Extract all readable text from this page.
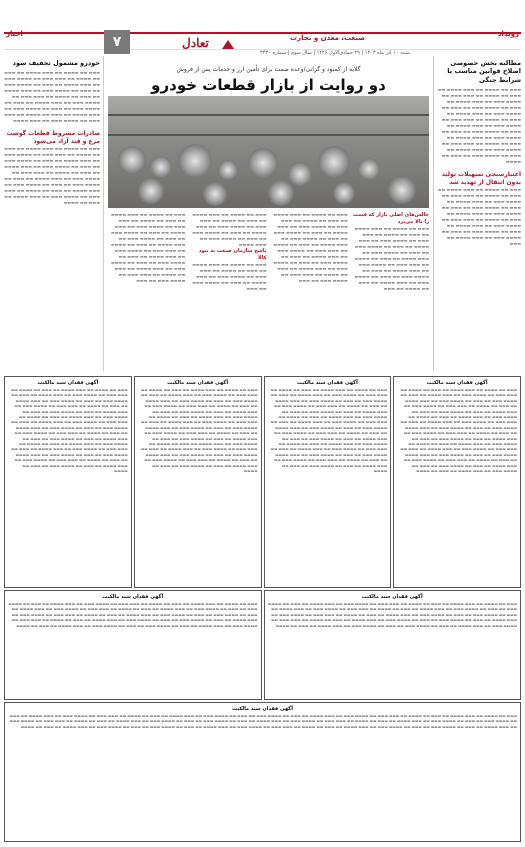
رویداد
اخبار	۷	تعادل	صنعت، معدن و تجارت
شنبه ۱۰ آذر ماه ۱۴۰۳ | ۲۹ جمادی‌الاول ۱۴۴۶ | سال سوم | شماره ۳۴۳۰
مطالبه بخش خصوصی اصلاح قوانین مناسب با شرایط جنگی
▬▬▬ ▬▬ ▬▬▬▬ ▬▬ ▬▬▬ ▬▬▬▬ ▬▬ ▬▬▬ ▬▬ ▬▬▬▬ ▬▬ ▬▬▬ ▬▬▬ ▬▬ ▬▬▬▬ ▬▬▬ ▬▬ ▬▬▬ ▬▬▬▬ ▬▬ ▬▬▬ ▬▬ ▬▬▬▬ ▬▬▬ ▬▬ ▬▬▬ ▬▬ ▬▬▬▬ ▬▬▬ ▬▬ ▬▬▬ ▬▬▬▬ ▬▬ ▬▬▬ ▬▬ ▬▬▬▬ ▬▬ ▬▬▬ ▬▬▬ ▬▬ ▬▬▬▬ ▬▬▬ ▬▬ ▬▬▬ ▬▬▬▬ ▬▬ ▬▬▬ ▬▬ ▬▬▬▬ ▬▬▬ ▬▬ ▬▬▬ ▬▬ ▬▬▬▬ ▬▬▬ ▬▬ ▬▬▬ ▬▬▬▬ ▬▬ ▬▬▬ ▬▬ ▬▬▬▬ ▬▬ ▬▬▬ ▬▬▬ ▬▬ ▬▬▬▬ ▬▬▬ ▬▬ ▬▬▬ ▬▬▬▬ ▬▬ ▬▬▬ ▬▬ ▬▬▬▬ ▬▬▬ ▬▬ ▬▬▬ ▬▬ ▬▬▬▬
اعتبارسنجی تسهیلات تولید بدون انتقال از تهدید شد
▬▬▬ ▬▬ ▬▬▬▬ ▬▬ ▬▬▬ ▬▬▬▬ ▬▬ ▬▬▬ ▬▬ ▬▬▬▬ ▬▬ ▬▬▬ ▬▬▬ ▬▬ ▬▬▬▬ ▬▬▬ ▬▬ ▬▬▬ ▬▬▬▬ ▬▬ ▬▬▬ ▬▬ ▬▬▬▬ ▬▬▬ ▬▬ ▬▬▬ ▬▬ ▬▬▬▬ ▬▬▬ ▬▬ ▬▬▬ ▬▬▬▬ ▬▬ ▬▬▬ ▬▬ ▬▬▬▬ ▬▬ ▬▬▬ ▬▬▬ ▬▬ ▬▬▬▬ ▬▬▬ ▬▬ ▬▬▬ ▬▬▬▬ ▬▬ ▬▬▬ ▬▬ ▬▬▬▬ ▬▬▬ ▬▬ ▬▬▬ ▬▬ ▬▬▬▬ ▬▬▬ ▬▬ ▬▬▬ ▬▬▬▬ ▬▬ ▬▬▬
خودرو مشمول تخفیف سود
▬▬▬ ▬▬ ▬▬▬▬ ▬▬ ▬▬▬ ▬▬▬▬ ▬▬ ▬▬▬ ▬▬ ▬▬▬▬ ▬▬ ▬▬▬ ▬▬▬ ▬▬ ▬▬▬▬ ▬▬▬ ▬▬ ▬▬▬ ▬▬▬▬ ▬▬ ▬▬▬ ▬▬ ▬▬▬▬ ▬▬▬ ▬▬ ▬▬▬ ▬▬ ▬▬▬▬ ▬▬▬ ▬▬ ▬▬▬ ▬▬▬▬ ▬▬ ▬▬▬ ▬▬ ▬▬▬▬ ▬▬ ▬▬▬ ▬▬▬ ▬▬ ▬▬▬▬ ▬▬▬ ▬▬ ▬▬▬ ▬▬▬▬ ▬▬ ▬▬▬ ▬▬ ▬▬▬▬ ▬▬▬ ▬▬ ▬▬▬ ▬▬ ▬▬▬▬ ▬▬▬ ▬▬ ▬▬▬ ▬▬▬▬ ▬▬ ▬▬▬ ▬▬ ▬▬▬▬ ▬▬ ▬▬▬ ▬▬▬ ▬▬ ▬▬▬▬ ▬▬▬ ▬▬ ▬▬▬ ▬▬▬▬
صادرات مشروط قطعات گوشت مرغ و قند آزاد می‌شود
▬▬▬ ▬▬ ▬▬▬▬ ▬▬ ▬▬▬ ▬▬▬▬ ▬▬ ▬▬▬ ▬▬ ▬▬▬▬ ▬▬ ▬▬▬ ▬▬▬ ▬▬ ▬▬▬▬ ▬▬▬ ▬▬ ▬▬▬ ▬▬▬▬ ▬▬ ▬▬▬ ▬▬ ▬▬▬▬ ▬▬▬ ▬▬ ▬▬▬ ▬▬ ▬▬▬▬ ▬▬▬ ▬▬ ▬▬▬ ▬▬▬▬ ▬▬ ▬▬▬ ▬▬ ▬▬▬▬ ▬▬ ▬▬▬ ▬▬▬ ▬▬ ▬▬▬▬ ▬▬▬ ▬▬ ▬▬▬ ▬▬▬▬ ▬▬ ▬▬▬ ▬▬ ▬▬▬▬ ▬▬▬ ▬▬ ▬▬▬ ▬▬ ▬▬▬▬ ▬▬▬ ▬▬ ▬▬▬ ▬▬▬▬ ▬▬ ▬▬▬ ▬▬ ▬▬▬▬ ▬▬ ▬▬▬ ▬▬▬ ▬▬ ▬▬▬▬ ▬▬▬ ▬▬ ▬▬▬ ▬▬▬▬ ▬▬ ▬▬▬ ▬▬ ▬▬▬▬
گلایه از کمبود و گرانی/وعده صمت برای تأمین ارز و خدمات پس از فروش
دو روایت از بازار قطعات خودرو
چالش‌های اصلی بازار که قیمت را بالا می‌برد
▬▬▬ ▬▬ ▬▬▬▬ ▬▬ ▬▬▬ ▬▬▬▬ ▬▬ ▬▬▬ ▬▬ ▬▬▬▬ ▬▬ ▬▬▬ ▬▬▬ ▬▬ ▬▬▬▬ ▬▬▬ ▬▬ ▬▬▬ ▬▬▬▬ ▬▬ ▬▬▬ ▬▬ ▬▬▬▬ ▬▬▬ ▬▬ ▬▬▬ ▬▬ ▬▬▬▬ ▬▬▬ ▬▬ ▬▬▬ ▬▬▬▬ ▬▬ ▬▬▬ ▬▬ ▬▬▬▬ ▬▬ ▬▬▬ ▬▬▬ ▬▬ ▬▬▬▬ ▬▬▬ ▬▬ ▬▬▬ ▬▬▬▬ ▬▬ ▬▬▬ ▬▬ ▬▬▬▬ ▬▬▬ ▬▬ ▬▬▬ ▬▬ ▬▬▬▬ ▬▬▬ ▬▬ ▬▬▬ ▬▬▬▬ ▬▬ ▬▬▬ ▬▬ ▬▬▬▬ ▬▬ ▬▬▬
▬▬▬ ▬▬ ▬▬▬▬ ▬▬ ▬▬▬ ▬▬▬▬ ▬▬ ▬▬▬ ▬▬ ▬▬▬▬ ▬▬ ▬▬▬ ▬▬▬ ▬▬ ▬▬▬▬ ▬▬▬ ▬▬ ▬▬▬ ▬▬▬▬ ▬▬ ▬▬▬ ▬▬ ▬▬▬▬ ▬▬▬ ▬▬ ▬▬▬ ▬▬ ▬▬▬▬ ▬▬▬ ▬▬ ▬▬▬ ▬▬▬▬ ▬▬ ▬▬▬ ▬▬ ▬▬▬▬ ▬▬ ▬▬▬ ▬▬▬ ▬▬ ▬▬▬▬ ▬▬▬ ▬▬ ▬▬▬ ▬▬▬▬ ▬▬ ▬▬▬ ▬▬ ▬▬▬▬ ▬▬▬ ▬▬ ▬▬▬ ▬▬ ▬▬▬▬ ▬▬▬ ▬▬ ▬▬▬ ▬▬▬▬ ▬▬ ▬▬▬ ▬▬ ▬▬▬▬ ▬▬ ▬▬▬ ▬▬▬ ▬▬ ▬▬▬▬ ▬▬▬ ▬▬ ▬▬▬
▬▬▬ ▬▬ ▬▬▬▬ ▬▬ ▬▬▬ ▬▬▬▬ ▬▬ ▬▬▬ ▬▬ ▬▬▬▬ ▬▬ ▬▬▬ ▬▬▬ ▬▬ ▬▬▬▬ ▬▬▬ ▬▬ ▬▬▬ ▬▬▬▬ ▬▬ ▬▬▬ ▬▬ ▬▬▬▬ ▬▬▬ ▬▬ ▬▬▬ ▬▬ ▬▬▬▬ ▬▬▬ ▬▬ ▬▬▬ ▬▬▬▬
پاسخ سازمان صنعت به نبود کالا
▬▬▬ ▬▬ ▬▬▬▬ ▬▬ ▬▬▬ ▬▬▬▬ ▬▬ ▬▬▬ ▬▬ ▬▬▬▬ ▬▬ ▬▬▬ ▬▬▬ ▬▬ ▬▬▬▬ ▬▬▬ ▬▬ ▬▬▬ ▬▬▬▬ ▬▬ ▬▬▬ ▬▬ ▬▬▬▬ ▬▬▬ ▬▬ ▬▬▬
▬▬▬ ▬▬ ▬▬▬▬ ▬▬ ▬▬▬ ▬▬▬▬ ▬▬ ▬▬▬ ▬▬ ▬▬▬▬ ▬▬ ▬▬▬ ▬▬▬ ▬▬ ▬▬▬▬ ▬▬▬ ▬▬ ▬▬▬ ▬▬▬▬ ▬▬ ▬▬▬ ▬▬ ▬▬▬▬ ▬▬▬ ▬▬ ▬▬▬ ▬▬ ▬▬▬▬ ▬▬▬ ▬▬ ▬▬▬ ▬▬▬▬ ▬▬ ▬▬▬ ▬▬ ▬▬▬▬ ▬▬ ▬▬▬ ▬▬▬ ▬▬ ▬▬▬▬ ▬▬▬ ▬▬ ▬▬▬ ▬▬▬▬ ▬▬ ▬▬▬ ▬▬ ▬▬▬▬ ▬▬▬ ▬▬ ▬▬▬ ▬▬ ▬▬▬▬ ▬▬▬ ▬▬ ▬▬▬ ▬▬▬▬ ▬▬ ▬▬▬ ▬▬ ▬▬▬▬ ▬▬ ▬▬▬ ▬▬▬ ▬▬ ▬▬▬▬ ▬▬▬ ▬▬ ▬▬▬
آگهی فقدان سند مالکیت
▬▬▬ ▬▬ ▬▬▬▬ ▬▬ ▬▬▬ ▬▬▬▬ ▬▬ ▬▬▬ ▬▬ ▬▬▬▬ ▬▬ ▬▬▬ ▬▬▬ ▬▬ ▬▬▬▬ ▬▬▬ ▬▬ ▬▬▬ ▬▬▬▬ ▬▬ ▬▬▬ ▬▬ ▬▬▬▬ ▬▬▬ ▬▬ ▬▬▬ ▬▬ ▬▬▬▬ ▬▬▬ ▬▬ ▬▬▬ ▬▬▬▬ ▬▬ ▬▬▬ ▬▬ ▬▬▬▬ ▬▬ ▬▬▬ ▬▬▬ ▬▬ ▬▬▬▬ ▬▬▬ ▬▬ ▬▬▬ ▬▬▬▬ ▬▬ ▬▬▬ ▬▬ ▬▬▬▬ ▬▬▬ ▬▬ ▬▬▬ ▬▬ ▬▬▬▬ ▬▬▬ ▬▬ ▬▬▬ ▬▬▬▬ ▬▬ ▬▬▬ ▬▬ ▬▬▬▬ ▬▬ ▬▬▬ ▬▬▬ ▬▬ ▬▬▬▬ ▬▬▬ ▬▬ ▬▬▬ ▬▬▬▬ ▬▬ ▬▬▬ ▬▬ ▬▬▬▬ ▬▬▬ ▬▬ ▬▬▬ ▬▬ ▬▬▬▬ ▬▬▬ ▬▬ ▬▬▬ ▬▬▬▬ ▬▬ ▬▬▬ ▬▬ ▬▬▬▬ ▬▬ ▬▬▬ ▬▬▬ ▬▬ ▬▬▬▬ ▬▬▬ ▬▬ ▬▬▬ ▬▬▬▬ ▬▬ ▬▬▬ ▬▬ ▬▬▬▬ ▬▬▬ ▬▬ ▬▬▬ ▬▬ ▬▬▬▬ ▬▬▬ ▬▬ ▬▬▬ ▬▬▬▬ ▬▬ ▬▬▬ ▬▬ ▬▬▬▬ ▬▬ ▬▬▬ ▬▬▬ ▬▬ ▬▬▬▬ ▬▬▬ ▬▬ ▬▬▬ ▬▬▬▬ ▬▬ ▬▬▬ ▬▬ ▬▬▬▬ ▬▬▬ ▬▬ ▬▬▬ ▬▬ ▬▬▬▬ ▬▬▬ ▬▬ ▬▬▬ ▬▬▬▬ ▬▬ ▬▬▬ ▬▬ ▬▬▬▬ ▬▬ ▬▬▬ ▬▬▬ ▬▬ ▬▬▬▬ ▬▬▬ ▬▬ ▬▬▬ ▬▬▬▬ ▬▬ ▬▬▬ ▬▬ ▬▬▬▬ ▬▬▬ ▬▬ ▬▬▬ ▬▬ ▬▬▬▬ ▬▬▬ ▬▬ ▬▬▬ ▬▬▬▬ ▬▬ ▬▬▬ ▬▬ ▬▬▬▬
آگهی فقدان سند مالکیت
▬▬▬ ▬▬ ▬▬▬▬ ▬▬ ▬▬▬ ▬▬▬▬ ▬▬ ▬▬▬ ▬▬ ▬▬▬▬ ▬▬ ▬▬▬ ▬▬▬ ▬▬ ▬▬▬▬ ▬▬▬ ▬▬ ▬▬▬ ▬▬▬▬ ▬▬ ▬▬▬ ▬▬ ▬▬▬▬ ▬▬▬ ▬▬ ▬▬▬ ▬▬ ▬▬▬▬ ▬▬▬ ▬▬ ▬▬▬ ▬▬▬▬ ▬▬ ▬▬▬ ▬▬ ▬▬▬▬ ▬▬ ▬▬▬ ▬▬▬ ▬▬ ▬▬▬▬ ▬▬▬ ▬▬ ▬▬▬ ▬▬▬▬ ▬▬ ▬▬▬ ▬▬ ▬▬▬▬ ▬▬▬ ▬▬ ▬▬▬ ▬▬ ▬▬▬▬ ▬▬▬ ▬▬ ▬▬▬ ▬▬▬▬ ▬▬ ▬▬▬ ▬▬ ▬▬▬▬ ▬▬ ▬▬▬ ▬▬▬ ▬▬ ▬▬▬▬ ▬▬▬ ▬▬ ▬▬▬ ▬▬▬▬ ▬▬ ▬▬▬ ▬▬ ▬▬▬▬ ▬▬▬ ▬▬ ▬▬▬ ▬▬ ▬▬▬▬ ▬▬▬ ▬▬ ▬▬▬ ▬▬▬▬ ▬▬ ▬▬▬ ▬▬ ▬▬▬▬ ▬▬ ▬▬▬ ▬▬▬ ▬▬ ▬▬▬▬ ▬▬▬ ▬▬ ▬▬▬ ▬▬▬▬ ▬▬ ▬▬▬ ▬▬ ▬▬▬▬ ▬▬▬ ▬▬ ▬▬▬ ▬▬ ▬▬▬▬ ▬▬▬ ▬▬ ▬▬▬ ▬▬▬▬ ▬▬ ▬▬▬ ▬▬ ▬▬▬▬ ▬▬ ▬▬▬ ▬▬▬ ▬▬ ▬▬▬▬ ▬▬▬ ▬▬ ▬▬▬ ▬▬▬▬ ▬▬ ▬▬▬ ▬▬ ▬▬▬▬ ▬▬▬ ▬▬ ▬▬▬ ▬▬ ▬▬▬▬ ▬▬▬ ▬▬ ▬▬▬ ▬▬▬▬ ▬▬ ▬▬▬ ▬▬ ▬▬▬▬ ▬▬ ▬▬▬ ▬▬▬ ▬▬ ▬▬▬▬ ▬▬▬ ▬▬ ▬▬▬ ▬▬▬▬ ▬▬ ▬▬▬ ▬▬ ▬▬▬▬ ▬▬▬ ▬▬ ▬▬▬ ▬▬ ▬▬▬▬
آگهی فقدان سند مالکیت
▬▬▬ ▬▬ ▬▬▬▬ ▬▬ ▬▬▬ ▬▬▬▬ ▬▬ ▬▬▬ ▬▬ ▬▬▬▬ ▬▬ ▬▬▬ ▬▬▬ ▬▬ ▬▬▬▬ ▬▬▬ ▬▬ ▬▬▬ ▬▬▬▬ ▬▬ ▬▬▬ ▬▬ ▬▬▬▬ ▬▬▬ ▬▬ ▬▬▬ ▬▬ ▬▬▬▬ ▬▬▬ ▬▬ ▬▬▬ ▬▬▬▬ ▬▬ ▬▬▬ ▬▬ ▬▬▬▬ ▬▬ ▬▬▬ ▬▬▬ ▬▬ ▬▬▬▬ ▬▬▬ ▬▬ ▬▬▬ ▬▬▬▬ ▬▬ ▬▬▬ ▬▬ ▬▬▬▬ ▬▬▬ ▬▬ ▬▬▬ ▬▬ ▬▬▬▬ ▬▬▬ ▬▬ ▬▬▬ ▬▬▬▬ ▬▬ ▬▬▬ ▬▬ ▬▬▬▬ ▬▬ ▬▬▬ ▬▬▬ ▬▬ ▬▬▬▬ ▬▬▬ ▬▬ ▬▬▬ ▬▬▬▬ ▬▬ ▬▬▬ ▬▬ ▬▬▬▬ ▬▬▬ ▬▬ ▬▬▬ ▬▬ ▬▬▬▬ ▬▬▬ ▬▬ ▬▬▬ ▬▬▬▬ ▬▬ ▬▬▬ ▬▬ ▬▬▬▬ ▬▬ ▬▬▬ ▬▬▬ ▬▬ ▬▬▬▬ ▬▬▬ ▬▬ ▬▬▬ ▬▬▬▬ ▬▬ ▬▬▬ ▬▬ ▬▬▬▬ ▬▬▬ ▬▬ ▬▬▬ ▬▬ ▬▬▬▬ ▬▬▬ ▬▬ ▬▬▬ ▬▬▬▬ ▬▬ ▬▬▬ ▬▬ ▬▬▬▬ ▬▬ ▬▬▬ ▬▬▬ ▬▬ ▬▬▬▬ ▬▬▬ ▬▬ ▬▬▬ ▬▬▬▬ ▬▬ ▬▬▬ ▬▬ ▬▬▬▬ ▬▬▬ ▬▬ ▬▬▬ ▬▬ ▬▬▬▬ ▬▬▬ ▬▬ ▬▬▬ ▬▬▬▬ ▬▬ ▬▬▬ ▬▬ ▬▬▬▬ ▬▬ ▬▬▬ ▬▬▬ ▬▬ ▬▬▬▬ ▬▬▬ ▬▬ ▬▬▬ ▬▬▬▬ ▬▬ ▬▬▬ ▬▬ ▬▬▬▬ ▬▬▬ ▬▬ ▬▬▬ ▬▬ ▬▬▬▬
آگهی فقدان سند مالکیت
▬▬▬ ▬▬ ▬▬▬▬ ▬▬ ▬▬▬ ▬▬▬▬ ▬▬ ▬▬▬ ▬▬ ▬▬▬▬ ▬▬ ▬▬▬ ▬▬▬ ▬▬ ▬▬▬▬ ▬▬▬ ▬▬ ▬▬▬ ▬▬▬▬ ▬▬ ▬▬▬ ▬▬ ▬▬▬▬ ▬▬▬ ▬▬ ▬▬▬ ▬▬ ▬▬▬▬ ▬▬▬ ▬▬ ▬▬▬ ▬▬▬▬ ▬▬ ▬▬▬ ▬▬ ▬▬▬▬ ▬▬ ▬▬▬ ▬▬▬ ▬▬ ▬▬▬▬ ▬▬▬ ▬▬ ▬▬▬ ▬▬▬▬ ▬▬ ▬▬▬ ▬▬ ▬▬▬▬ ▬▬▬ ▬▬ ▬▬▬ ▬▬ ▬▬▬▬ ▬▬▬ ▬▬ ▬▬▬ ▬▬▬▬ ▬▬ ▬▬▬ ▬▬ ▬▬▬▬ ▬▬ ▬▬▬ ▬▬▬ ▬▬ ▬▬▬▬ ▬▬▬ ▬▬ ▬▬▬ ▬▬▬▬ ▬▬ ▬▬▬ ▬▬ ▬▬▬▬ ▬▬▬ ▬▬ ▬▬▬ ▬▬ ▬▬▬▬ ▬▬▬ ▬▬ ▬▬▬ ▬▬▬▬ ▬▬ ▬▬▬ ▬▬ ▬▬▬▬ ▬▬ ▬▬▬ ▬▬▬ ▬▬ ▬▬▬▬ ▬▬▬ ▬▬ ▬▬▬ ▬▬▬▬ ▬▬ ▬▬▬ ▬▬ ▬▬▬▬ ▬▬▬ ▬▬ ▬▬▬ ▬▬ ▬▬▬▬ ▬▬▬ ▬▬ ▬▬▬ ▬▬▬▬ ▬▬ ▬▬▬ ▬▬ ▬▬▬▬ ▬▬ ▬▬▬ ▬▬▬ ▬▬ ▬▬▬▬ ▬▬▬ ▬▬ ▬▬▬ ▬▬▬▬ ▬▬ ▬▬▬ ▬▬ ▬▬▬▬ ▬▬▬ ▬▬ ▬▬▬ ▬▬ ▬▬▬▬ ▬▬▬ ▬▬ ▬▬▬ ▬▬▬▬ ▬▬ ▬▬▬ ▬▬ ▬▬▬▬ ▬▬ ▬▬▬ ▬▬▬ ▬▬ ▬▬▬▬ ▬▬▬ ▬▬ ▬▬▬ ▬▬▬▬ ▬▬ ▬▬▬ ▬▬ ▬▬▬▬ ▬▬▬ ▬▬ ▬▬▬ ▬▬ ▬▬▬▬
آگهی فقدان سند مالکیت
▬▬▬ ▬▬ ▬▬▬▬ ▬▬ ▬▬▬ ▬▬▬▬ ▬▬ ▬▬▬ ▬▬ ▬▬▬▬ ▬▬ ▬▬▬ ▬▬▬ ▬▬ ▬▬▬▬ ▬▬▬ ▬▬ ▬▬▬ ▬▬▬▬ ▬▬ ▬▬▬ ▬▬ ▬▬▬▬ ▬▬▬ ▬▬ ▬▬▬ ▬▬ ▬▬▬▬ ▬▬▬ ▬▬ ▬▬▬ ▬▬▬▬ ▬▬ ▬▬▬ ▬▬ ▬▬▬▬ ▬▬ ▬▬▬ ▬▬▬ ▬▬ ▬▬▬▬ ▬▬▬ ▬▬ ▬▬▬ ▬▬▬▬ ▬▬ ▬▬▬ ▬▬ ▬▬▬▬ ▬▬▬ ▬▬ ▬▬▬ ▬▬ ▬▬▬▬ ▬▬▬ ▬▬ ▬▬▬ ▬▬▬▬ ▬▬ ▬▬▬ ▬▬ ▬▬▬▬ ▬▬ ▬▬▬ ▬▬▬ ▬▬ ▬▬▬▬ ▬▬▬ ▬▬ ▬▬▬ ▬▬▬▬ ▬▬ ▬▬▬ ▬▬ ▬▬▬▬ ▬▬▬ ▬▬ ▬▬▬ ▬▬ ▬▬▬▬ ▬▬▬ ▬▬ ▬▬▬ ▬▬▬▬ ▬▬ ▬▬▬ ▬▬ ▬▬▬▬ ▬▬ ▬▬▬ ▬▬▬ ▬▬ ▬▬▬▬ ▬▬▬ ▬▬ ▬▬▬ ▬▬▬▬ ▬▬ ▬▬▬ ▬▬ ▬▬▬▬ ▬▬▬ ▬▬ ▬▬▬ ▬▬ ▬▬▬▬ ▬▬▬ ▬▬ ▬▬▬ ▬▬▬▬ ▬▬ ▬▬▬ ▬▬ ▬▬▬▬
آگهی فقدان سند مالکیت
▬▬▬ ▬▬ ▬▬▬▬ ▬▬ ▬▬▬ ▬▬▬▬ ▬▬ ▬▬▬ ▬▬ ▬▬▬▬ ▬▬ ▬▬▬ ▬▬▬ ▬▬ ▬▬▬▬ ▬▬▬ ▬▬ ▬▬▬ ▬▬▬▬ ▬▬ ▬▬▬ ▬▬ ▬▬▬▬ ▬▬▬ ▬▬ ▬▬▬ ▬▬ ▬▬▬▬ ▬▬▬ ▬▬ ▬▬▬ ▬▬▬▬ ▬▬ ▬▬▬ ▬▬ ▬▬▬▬ ▬▬ ▬▬▬ ▬▬▬ ▬▬ ▬▬▬▬ ▬▬▬ ▬▬ ▬▬▬ ▬▬▬▬ ▬▬ ▬▬▬ ▬▬ ▬▬▬▬ ▬▬▬ ▬▬ ▬▬▬ ▬▬ ▬▬▬▬ ▬▬▬ ▬▬ ▬▬▬ ▬▬▬▬ ▬▬ ▬▬▬ ▬▬ ▬▬▬▬ ▬▬ ▬▬▬ ▬▬▬ ▬▬ ▬▬▬▬ ▬▬▬ ▬▬ ▬▬▬ ▬▬▬▬ ▬▬ ▬▬▬ ▬▬ ▬▬▬▬ ▬▬▬ ▬▬ ▬▬▬ ▬▬ ▬▬▬▬ ▬▬▬ ▬▬ ▬▬▬ ▬▬▬▬ ▬▬ ▬▬▬ ▬▬ ▬▬▬▬ ▬▬ ▬▬▬ ▬▬▬ ▬▬ ▬▬▬▬ ▬▬▬ ▬▬ ▬▬▬ ▬▬▬▬ ▬▬ ▬▬▬ ▬▬ ▬▬▬▬ ▬▬▬ ▬▬ ▬▬▬ ▬▬ ▬▬▬▬ ▬▬▬ ▬▬ ▬▬▬ ▬▬▬▬ ▬▬ ▬▬▬ ▬▬ ▬▬▬▬
آگهی فقدان سند مالکیت
▬▬▬ ▬▬ ▬▬▬▬ ▬▬ ▬▬▬ ▬▬▬▬ ▬▬ ▬▬▬ ▬▬ ▬▬▬▬ ▬▬ ▬▬▬ ▬▬▬ ▬▬ ▬▬▬▬ ▬▬▬ ▬▬ ▬▬▬ ▬▬▬▬ ▬▬ ▬▬▬ ▬▬ ▬▬▬▬ ▬▬▬ ▬▬ ▬▬▬ ▬▬ ▬▬▬▬ ▬▬▬ ▬▬ ▬▬▬ ▬▬▬▬ ▬▬ ▬▬▬ ▬▬ ▬▬▬▬ ▬▬ ▬▬▬ ▬▬▬ ▬▬ ▬▬▬▬ ▬▬▬ ▬▬ ▬▬▬ ▬▬▬▬ ▬▬ ▬▬▬ ▬▬ ▬▬▬▬ ▬▬▬ ▬▬ ▬▬▬ ▬▬ ▬▬▬▬ ▬▬▬ ▬▬ ▬▬▬ ▬▬▬▬ ▬▬ ▬▬▬ ▬▬ ▬▬▬▬ ▬▬ ▬▬▬ ▬▬▬ ▬▬ ▬▬▬▬ ▬▬▬ ▬▬ ▬▬▬ ▬▬▬▬ ▬▬ ▬▬▬ ▬▬ ▬▬▬▬ ▬▬▬ ▬▬ ▬▬▬ ▬▬ ▬▬▬▬ ▬▬▬ ▬▬ ▬▬▬ ▬▬▬▬ ▬▬ ▬▬▬ ▬▬ ▬▬▬▬ ▬▬ ▬▬▬ ▬▬▬ ▬▬ ▬▬▬▬ ▬▬▬ ▬▬ ▬▬▬ ▬▬▬▬ ▬▬ ▬▬▬ ▬▬ ▬▬▬▬ ▬▬▬ ▬▬ ▬▬▬ ▬▬ ▬▬▬▬ ▬▬▬ ▬▬ ▬▬▬ ▬▬▬▬ ▬▬ ▬▬▬ ▬▬ ▬▬▬▬ ▬▬ ▬▬▬ ▬▬▬ ▬▬ ▬▬▬▬ ▬▬▬ ▬▬ ▬▬▬ ▬▬▬▬ ▬▬ ▬▬▬ ▬▬ ▬▬▬▬ ▬▬▬ ▬▬ ▬▬▬ ▬▬ ▬▬▬▬ ▬▬▬ ▬▬ ▬▬▬ ▬▬▬▬ ▬▬ ▬▬▬ ▬▬ ▬▬▬▬
